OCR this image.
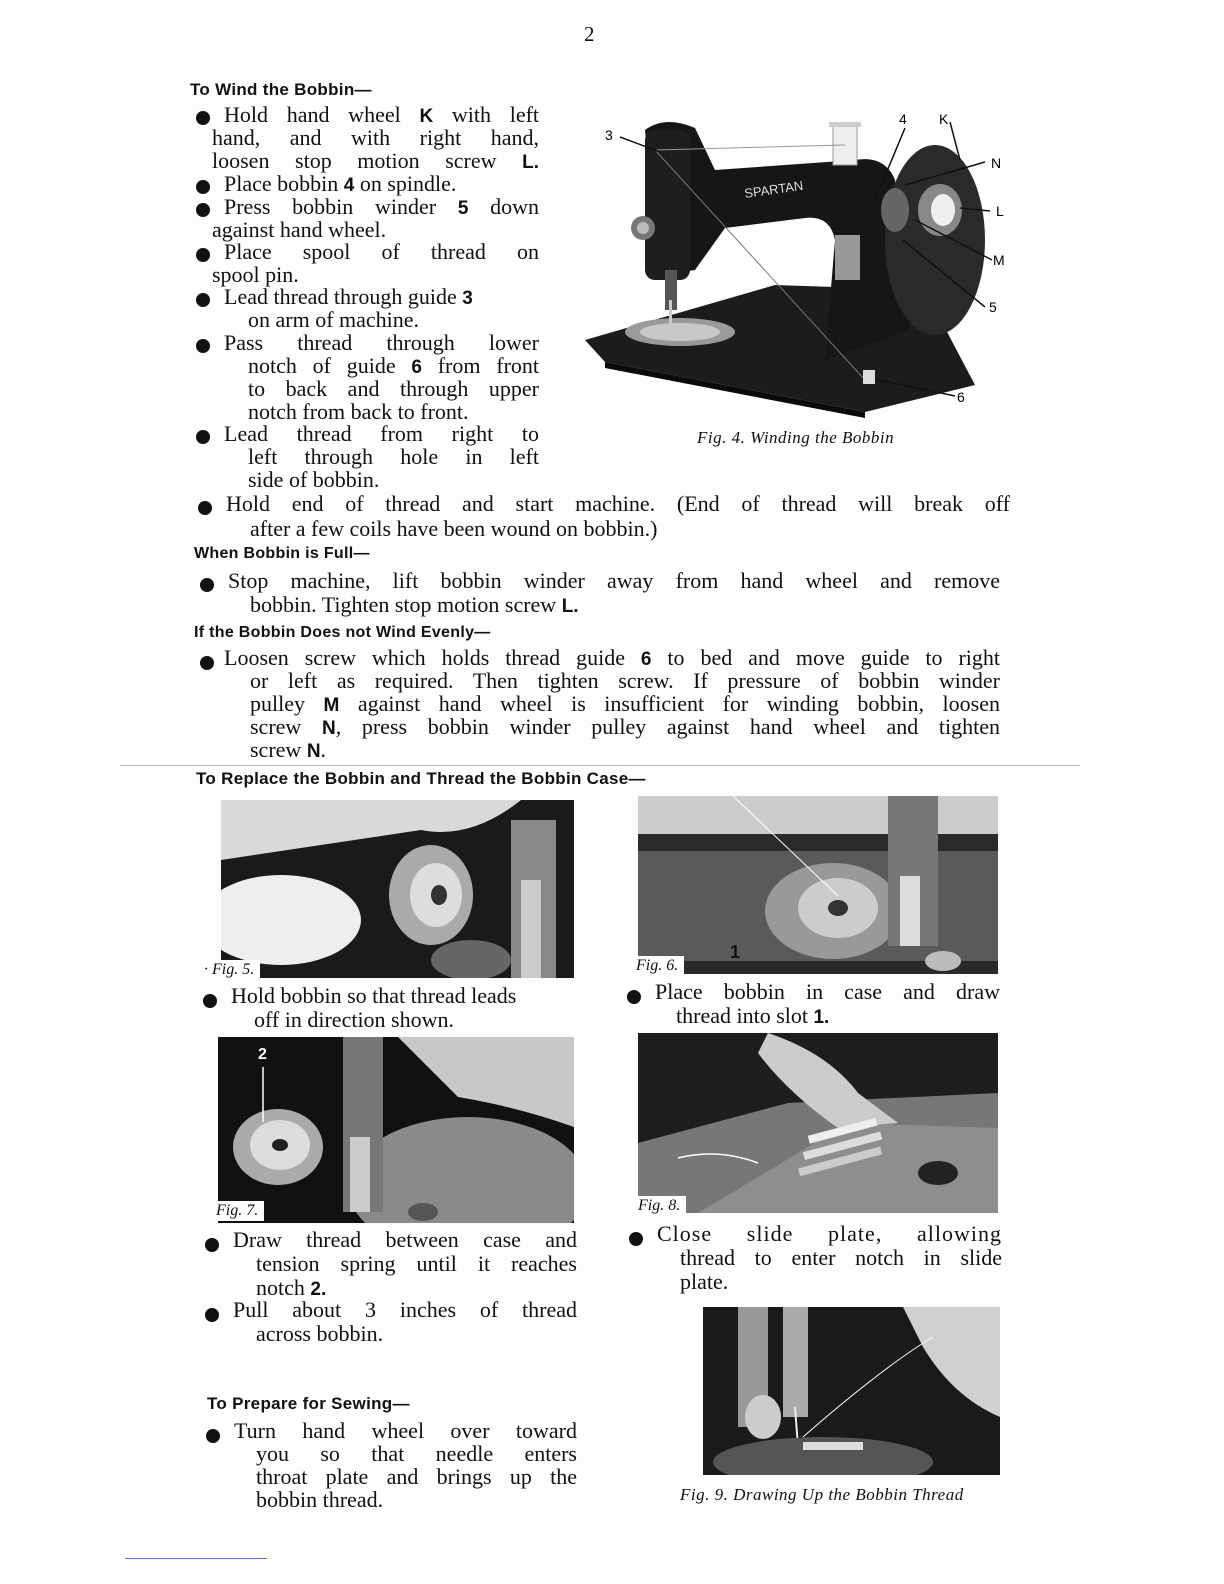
2
To Wind the Bobbin—
Hold hand wheel K with left
hand, and with right hand,
loosen stop motion screw L.
Place bobbin 4 on spindle.
Press bobbin winder 5 down
against hand wheel.
Place spool of thread on
spool pin.
Lead thread through guide 3
on arm of machine.
Pass thread through lower
notch of guide 6 from front
to back and through upper
notch from back to front.
Lead thread from right to
left through hole in left
side of bobbin.
Hold end of thread and start machine. (End of thread will break off
after a few coils have been wound on bobbin.)
SPARTAN
3
4 K
N
L
M
5
6
Fig. 4. Winding the Bobbin
When Bobbin is Full—
Stop machine, lift bobbin winder away from hand wheel and remove
bobbin. Tighten stop motion screw L.
If the Bobbin Does not Wind Evenly—
Loosen screw which holds thread guide 6 to bed and move guide to right
or left as required. Then tighten screw. If pressure of bobbin winder
pulley M against hand wheel is insufficient for winding bobbin, loosen
screw N, press bobbin winder pulley against hand wheel and tighten
screw N.
To Replace the Bobbin and Thread the Bobbin Case—
· Fig. 5.
Hold bobbin so that thread leads
off in direction shown.
1
Fig. 6.
Place bobbin in case and draw
thread into slot 1.
2
Fig. 7.
Draw thread between case and
tension spring until it reaches
notch 2.
Pull about 3 inches of thread
across bobbin.
Fig. 8.
Close slide plate, allowing
thread to enter notch in slide
plate.
To Prepare for Sewing—
Turn hand wheel over toward
you so that needle enters
throat plate and brings up the
bobbin thread.	Fig. 9. Drawing Up the Bobbin Thread
